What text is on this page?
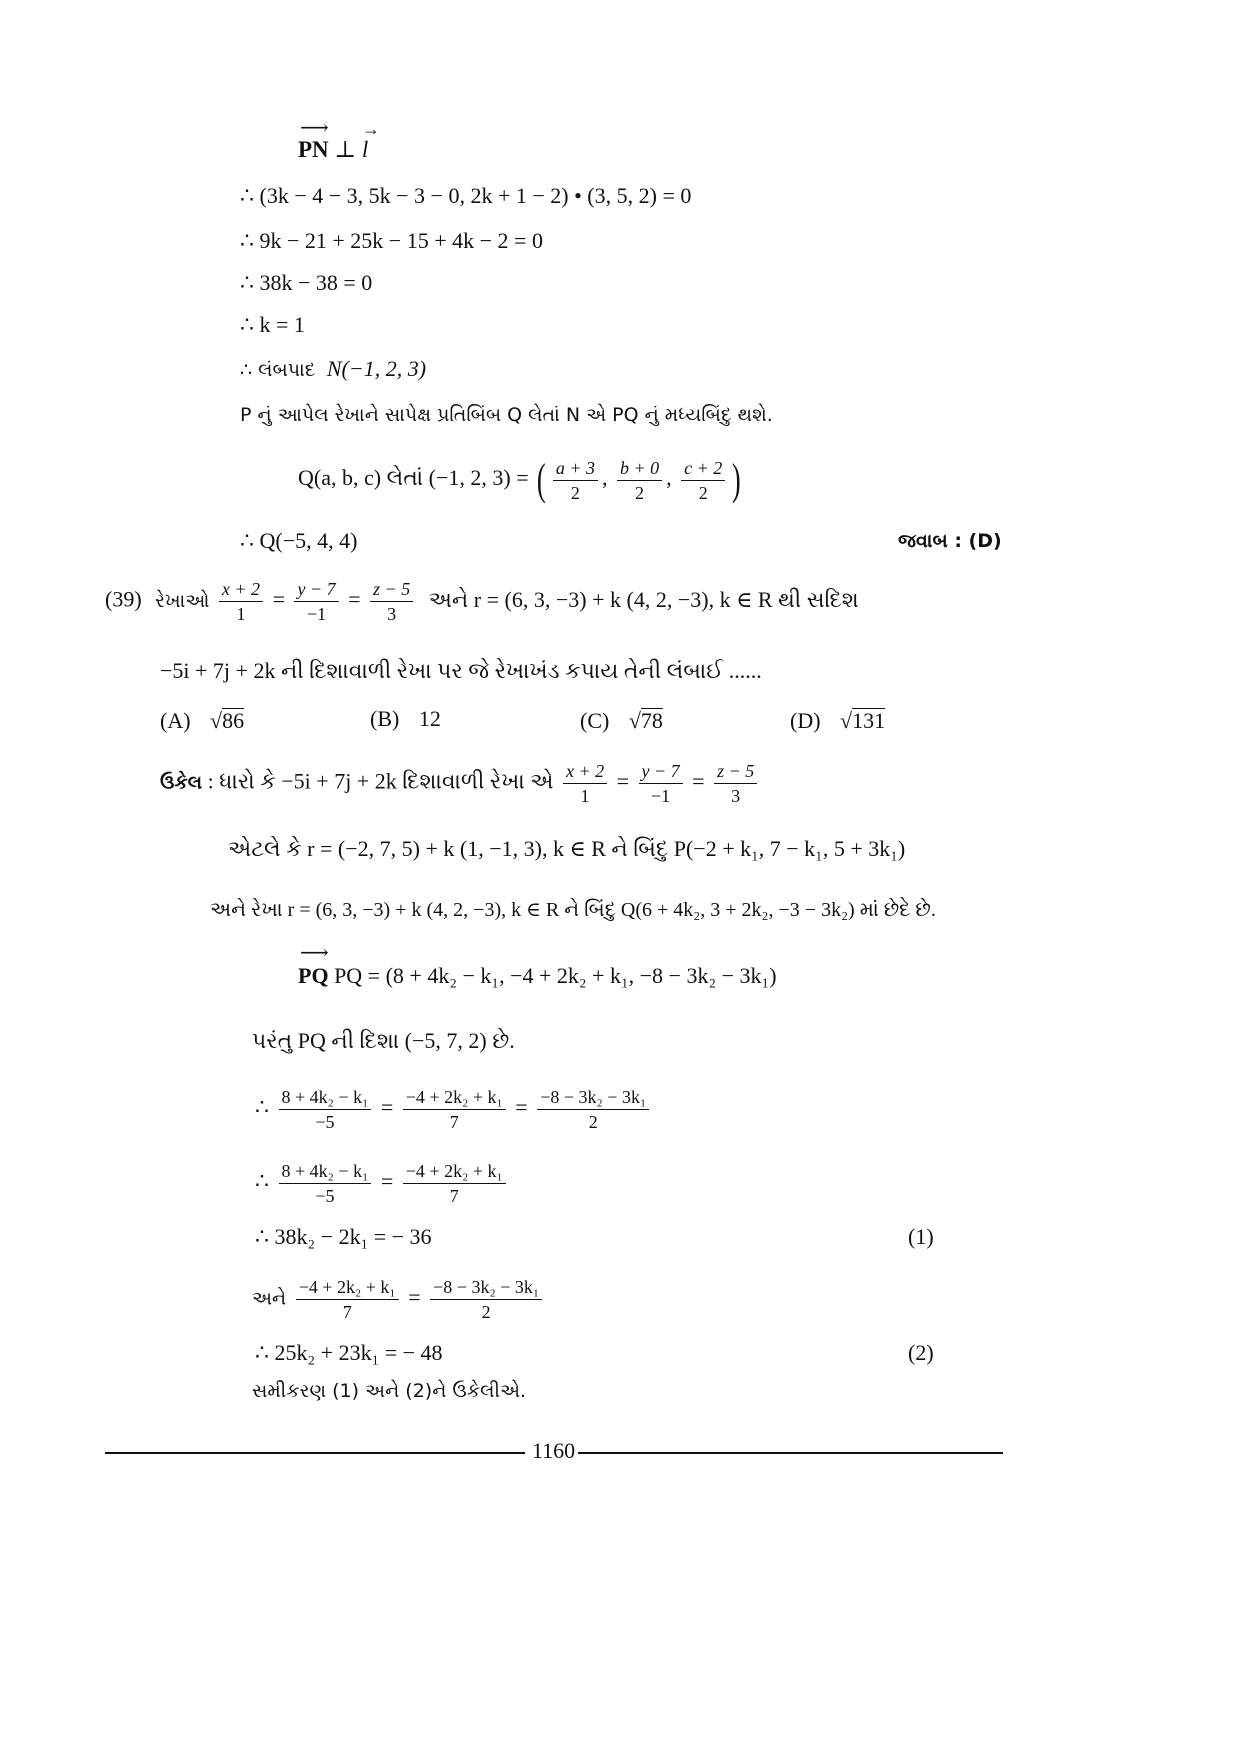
PN
⟶
⊥ l
→
∴ (3k − 4 − 3, 5k − 3 − 0, 2k + 1 − 2) • (3, 5, 2) = 0
∴ 9k − 21 + 25k − 15 + 4k − 2 = 0
∴ 38k − 38 = 0
∴ k = 1
∴ લંબપાદ N(−1, 2, 3)
P નું આપેલ રેખાને સાપેક્ષ પ્રતિબિંબ Q લેતાં N એ PQ નું મધ્યબિંદુ થશે.
Q(a, b, c) લેતાં (−1, 2, 3) = ( $\frac{a + 3}{2}$ , $\frac{b + 0}{2}$ , $\frac{c + 2}{2}$ )
∴ Q(−5, 4, 4)	જવાબ : (D)
(39) રેખાઓ $\frac{x + 2}{1} = \frac{y - 7}{-1} = \frac{z - 5}{3}$ અને r = (6, 3, −3) + k (4, 2, −3), k ∈ R થી સદિશ
−5i + 7j + 2k ની દિશાવાળી રેખા પર જે રેખાખંડ કપાય તેની લંબાઈ ......
(A) √86	(B) 12	(C) √78	(D) √131
ઉકેલ : ધારો કે −5i + 7j + 2k દિશાવાળી રેખા એ $\frac{x + 2}{1} = \frac{y - 7}{-1} = \frac{z - 5}{3}$
એટલે કે r = (−2, 7, 5) + k (1, −1, 3), k ∈ R ને બિંદુ P(−2 + k₁, 7 − k₁, 5 + 3k₁)
અને રેખા r = (6, 3, −3) + k (4, 2, −3), k ∈ R ને બિંદુ Q(6 + 4k₂, 3 + 2k₂, −3 − 3k₂) માં છેદે છે.
PQ
⟶
PQ = (8 + 4k₂ − k₁, −4 + 2k₂ + k₁, −8 − 3k₂ − 3k₁)
પરંતુ PQ ની દિશા (−5, 7, 2) છે.
∴ $\frac{\text{8 + 4k₂ − k₁}}{-5} = \frac{\text{−4 + 2k₂ + k₁}}{7} = \frac{\text{−8 − 3k₂ − 3k₁}}{2}$
∴ $\frac{\text{8 + 4k₂ − k₁}}{-5} = \frac{\text{−4 + 2k₂ + k₁}}{7}$
∴ 38k₂ − 2k₁ = − 36	(1)
અને $\frac{\text{−4 + 2k₂ + k₁}}{7} = \frac{\text{−8 − 3k₂ − 3k₁}}{2}$
∴ 25k₂ + 23k₁ = − 48	(2)
સમીકરણ (1) અને (2)ને ઉકેલીએ.
1160
